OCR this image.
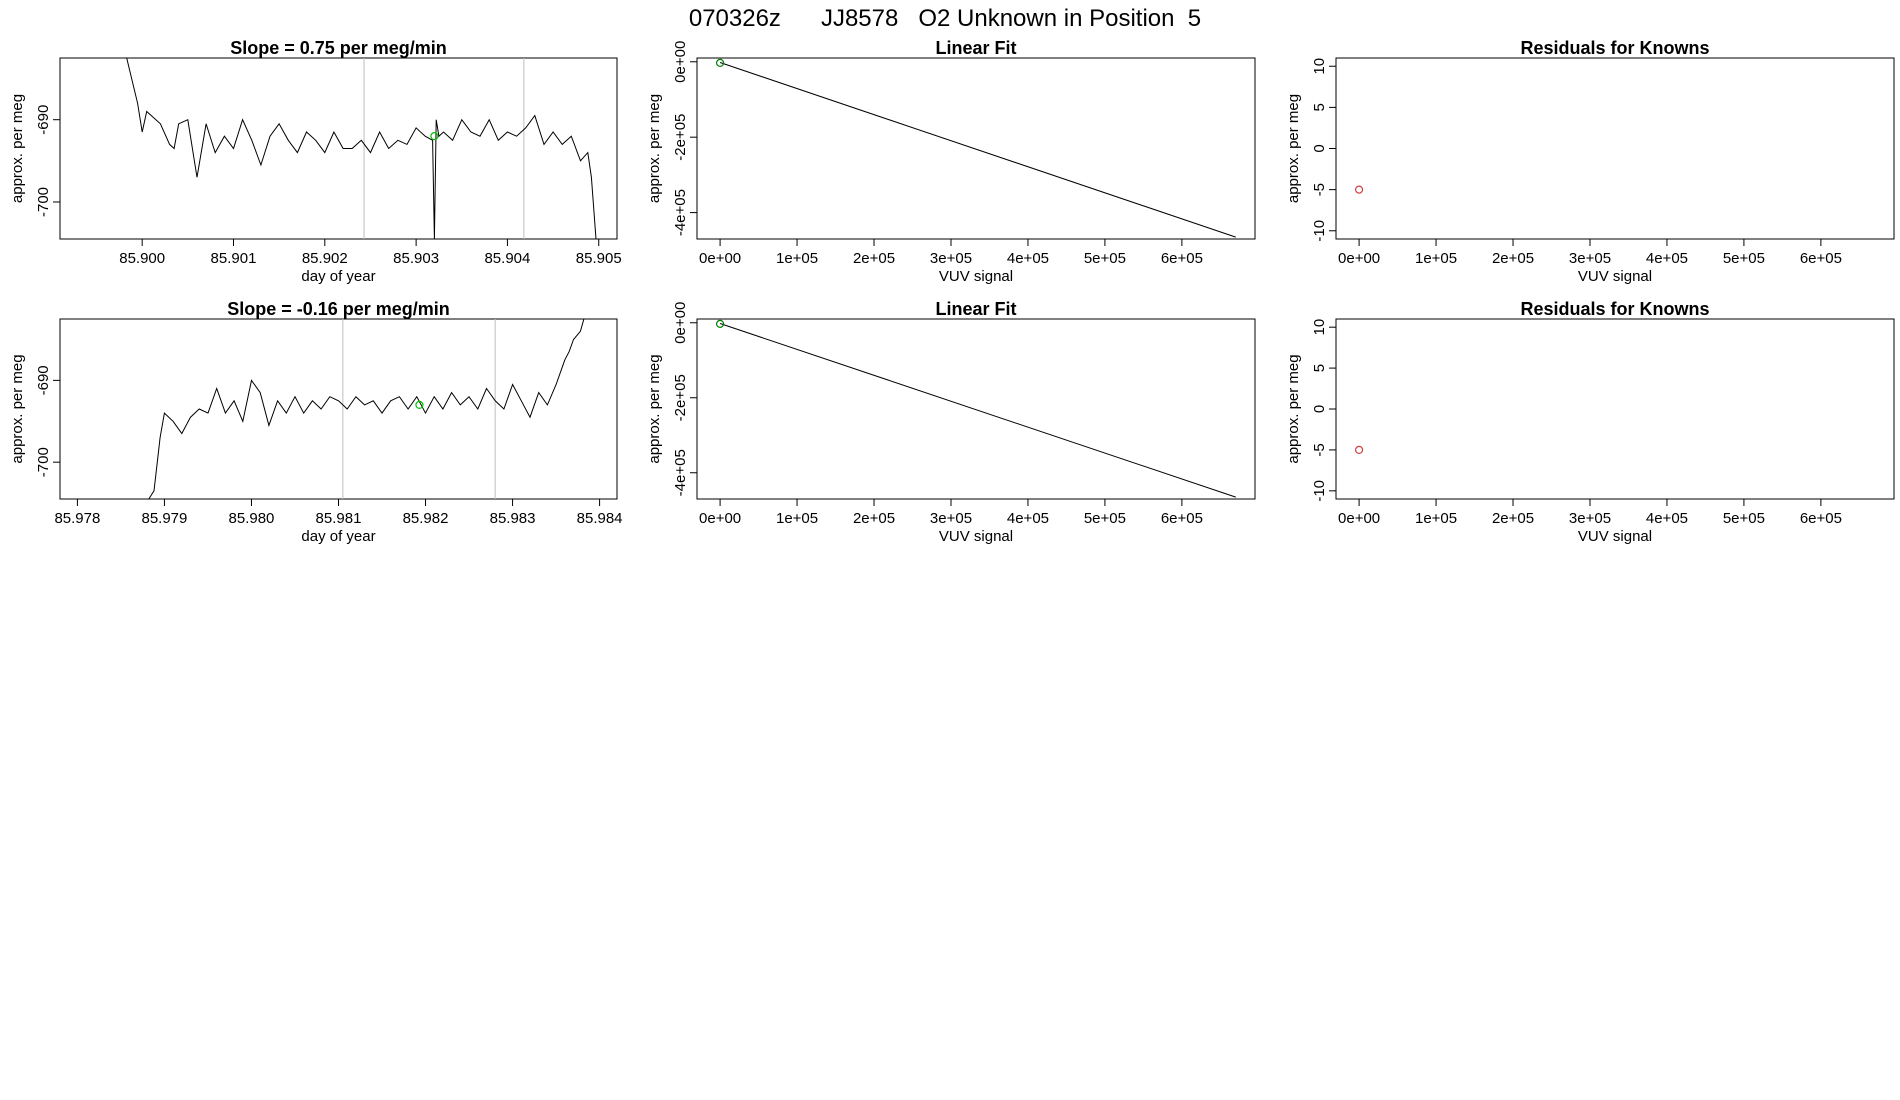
070326z      JJ8578   O2 Unknown in Position  5
Slope = 0.75 per meg/min
85.900	85.901	85.902	85.903	85.904	85.905
day of year
-700
-690
approx. per meg
Linear Fit
0e+00 1e+05 2e+05 3e+05 4e+05 5e+05 6e+05
VUV signal
-4e+05
-2e+05
0e+00
approx. per meg
Residuals for Knowns
0e+00 1e+05 2e+05 3e+05 4e+05 5e+05 6e+05
VUV signal
-10
-5
0
5
10
approx. per meg
Slope = -0.16 per meg/min
85.978	85.979	85.980	85.981	85.982	85.983	85.984
day of year
-700
-690
approx. per meg
Linear Fit
0e+00 1e+05 2e+05 3e+05 4e+05 5e+05 6e+05
VUV signal
-4e+05
-2e+05
0e+00
approx. per meg
Residuals for Knowns
0e+00 1e+05 2e+05 3e+05 4e+05 5e+05 6e+05
VUV signal
-10
-5
0
5
10
approx. per meg
